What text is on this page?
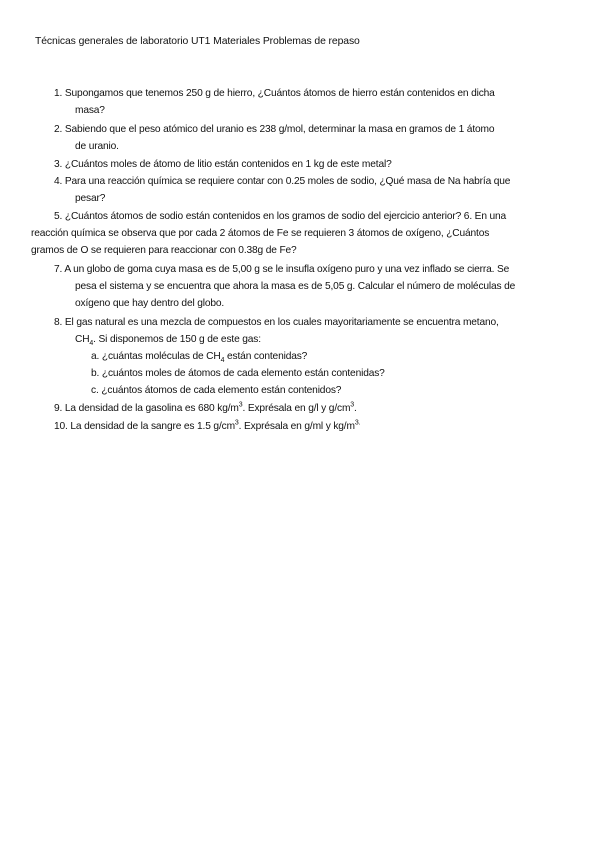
Técnicas generales de laboratorio UT1 Materiales Problemas de repaso
1. Supongamos que tenemos 250 g de hierro, ¿Cuántos átomos de hierro están contenidos en dicha
masa?
2. Sabiendo que el peso atómico del uranio es 238 g/mol, determinar la masa en gramos de 1 átomo
de uranio.
3. ¿Cuántos moles de átomo de litio están contenidos en 1 kg de este metal?
4. Para una reacción química se requiere contar con 0.25 moles de sodio, ¿Qué masa de Na habría que
pesar?
5. ¿Cuántos átomos de sodio están contenidos en los gramos de sodio del ejercicio anterior? 6. En una
reacción química se observa que por cada 2 átomos de Fe se requieren 3 átomos de oxígeno, ¿Cuántos
gramos de O se requieren para reaccionar con 0.38g de Fe?
7. A un globo de goma cuya masa es de 5,00 g se le insufla oxígeno puro y una vez inflado se cierra. Se
pesa el sistema y se encuentra que ahora la masa es de 5,05 g. Calcular el número de moléculas de
oxígeno que hay dentro del globo.
8. El gas natural es una mezcla de compuestos en los cuales mayoritariamente se encuentra metano,
$CH_4$. Si disponemos de 150 g de este gas:
a. ¿cuántas moléculas de $CH_4$ están contenidas?
b. ¿cuántos moles de átomos de cada elemento están contenidas?
c. ¿cuántos átomos de cada elemento están contenidos?
9. La densidad de la gasolina es 680 $kg/m^3$. Exprésala en g/l y $g/cm^3$.
10. La densidad de la sangre es 1.5 $g/cm^3$. Exprésala en g/ml y $kg/m^{3.}$
